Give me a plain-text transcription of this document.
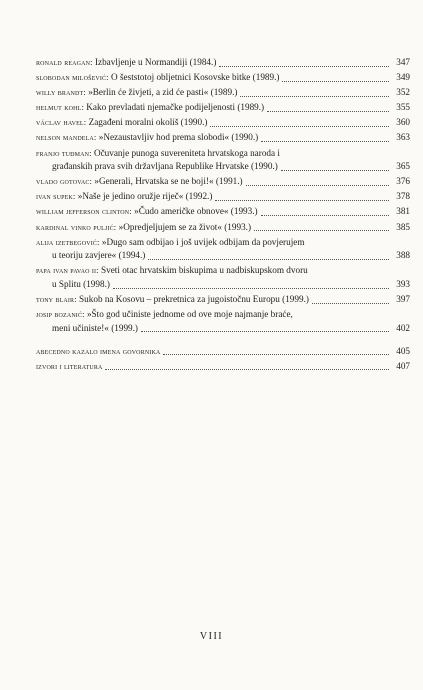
ronald reagan: Izbavljenje u Normandiji (1984.)	347
slobodan milošević: O šeststotoj obljetnici Kosovske bitke (1989.)	349
willy brandt: »Berlin će živjeti, a zid će pasti« (1989.)	352
helmut kohl: Kako prevladati njemačke podijeljenosti (1989.)	355
václav havel: Zagađeni moralni okoliš (1990.)	360
nelson mandela: »Nezaustavljiv hod prema slobodi« (1990.)	363
franjo tuđman: Očuvanje punoga suvereniteta hrvatskoga naroda i
građanskih prava svih državljana Republike Hrvatske (1990.)	365
vlado gotovac: »Generali, Hrvatska se ne boji!« (1991.)	376
ivan supek: »Naše je jedino oružje riječ« (1992.)	378
william jefferson clinton: »Čudo američke obnove« (1993.)	381
kardinal vinko puljić: »Opredjeljujem se za život« (1993.)	385
alija izetbegović: »Dugo sam odbijao i još uvijek odbijam da povjerujem
u teoriju zavjere« (1994.)	388
papa ivan pavao ii: Sveti otac hrvatskim biskupima u nadbiskupskom dvoru
u Splitu (1998.)	393
tony blair: Sukob na Kosovu – prekretnica za jugoistočnu Europu (1999.)	397
josip bozanić: »Što god učiniste jednome od ove moje najmanje braće,
meni učiniste!« (1999.)	402
abecedno kazalo imena govornika	405
izvori i literatura	407
VIII
